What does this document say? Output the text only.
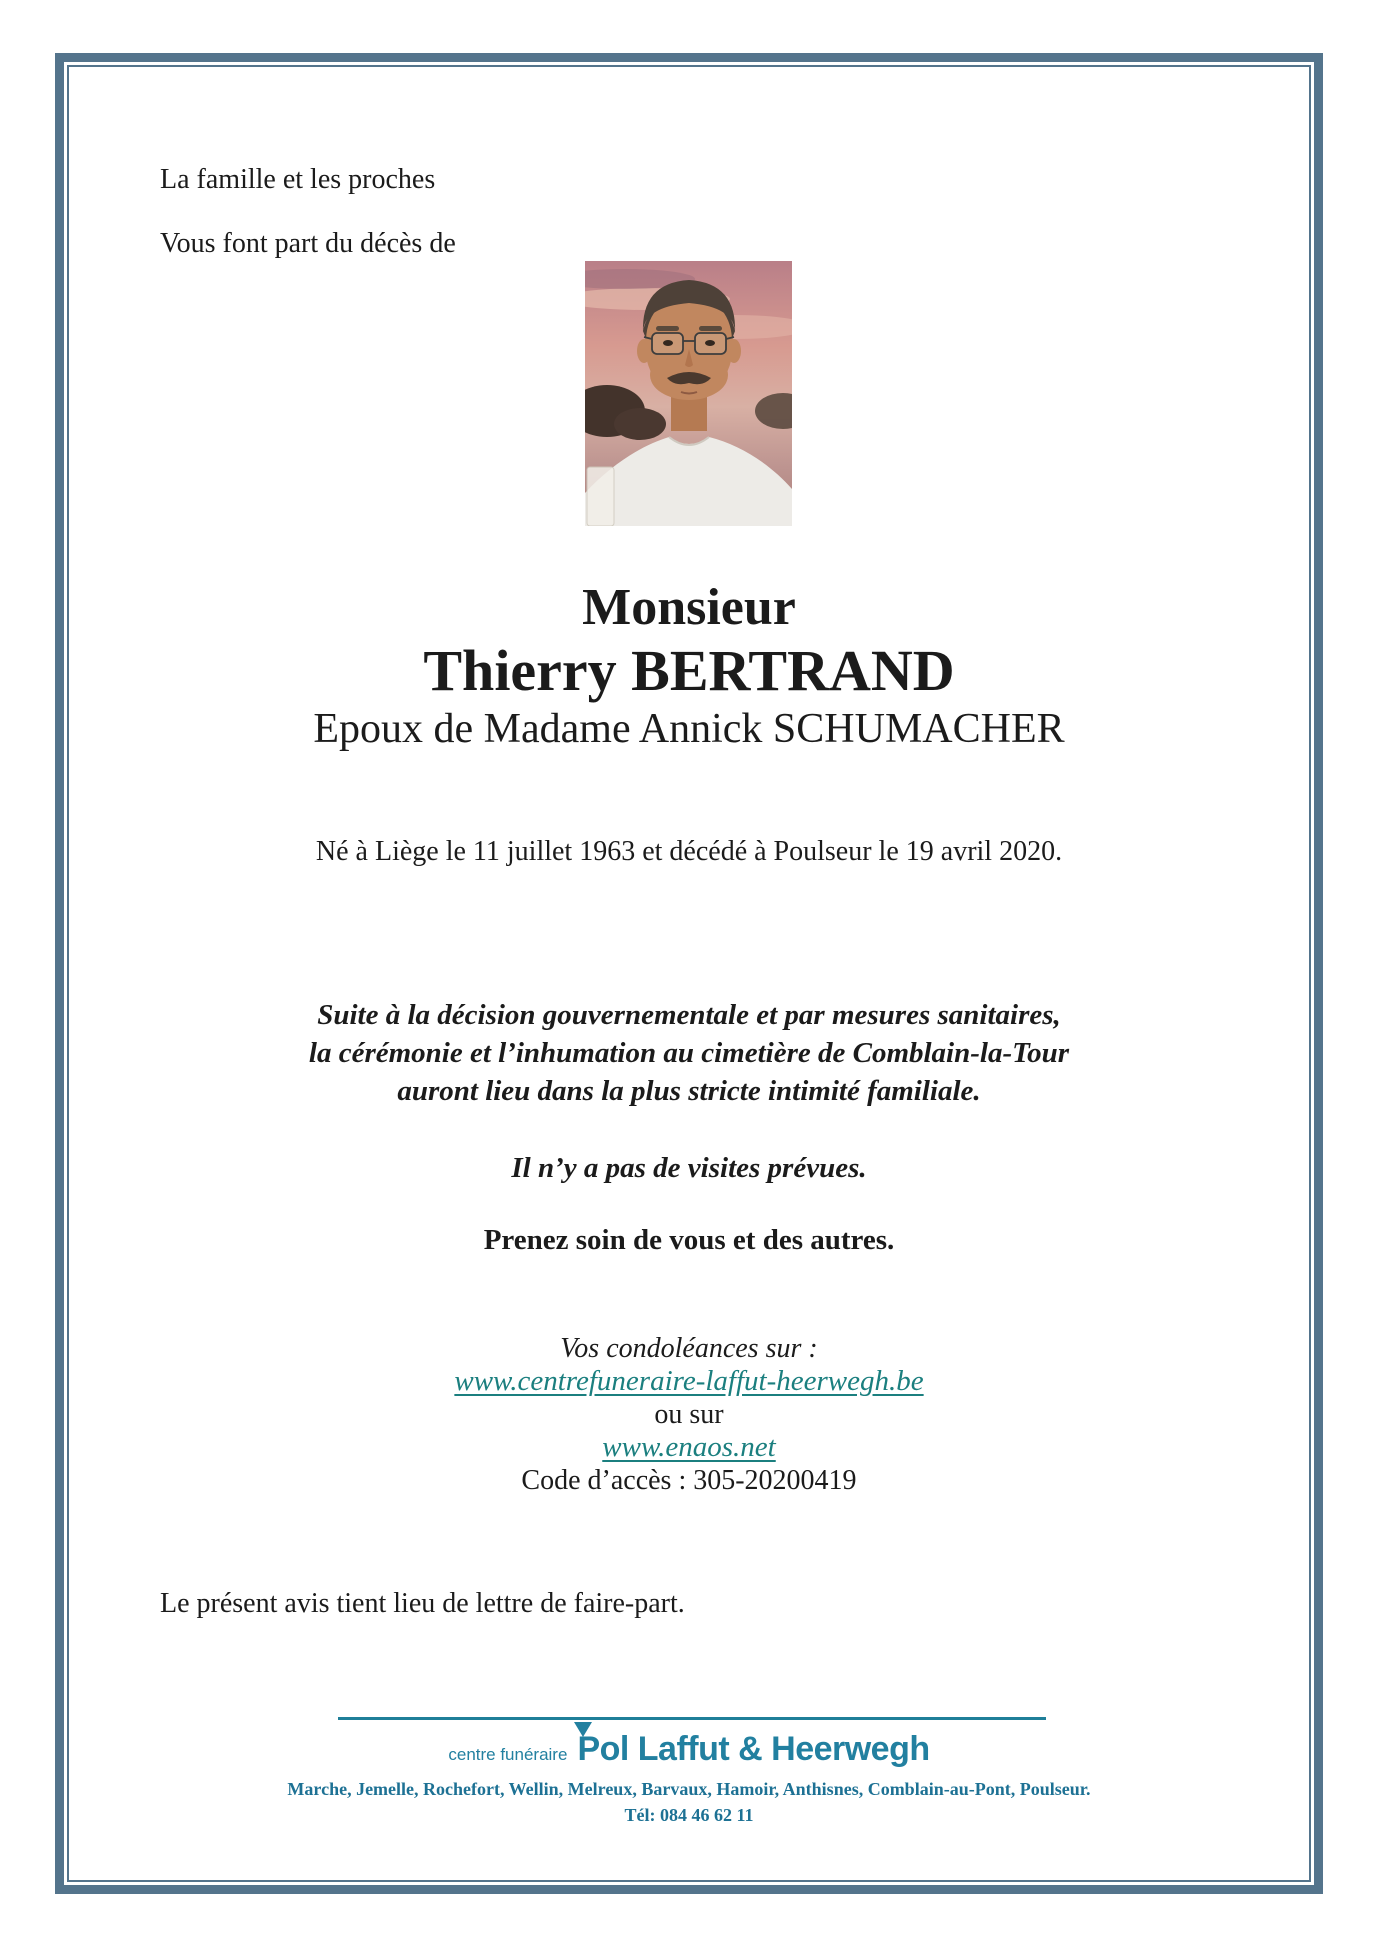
La famille et les proches
Vous font part du décès de
Monsieur
Thierry BERTRAND
Epoux de Madame Annick SCHUMACHER
Né à Liège le 11 juillet 1963 et décédé à Poulseur le 19 avril 2020.
Suite à la décision gouvernementale et par mesures sanitaires,
la cérémonie et l’inhumation au cimetière de Comblain-la-Tour
auront lieu dans la plus stricte intimité familiale.
Il n’y a pas de visites prévues.
Prenez soin de vous et des autres.
Vos condoléances sur :
www.centrefuneraire-laffut-heerwegh.be
ou sur
www.enaos.net
Code d’accès : 305-20200419
Le présent avis tient lieu de lettre de faire-part.
centre funéraire Pol Laffut & Heerwegh
Marche, Jemelle, Rochefort, Wellin, Melreux, Barvaux, Hamoir, Anthisnes, Comblain-au-Pont, Poulseur.
Tél: 084 46 62 11
